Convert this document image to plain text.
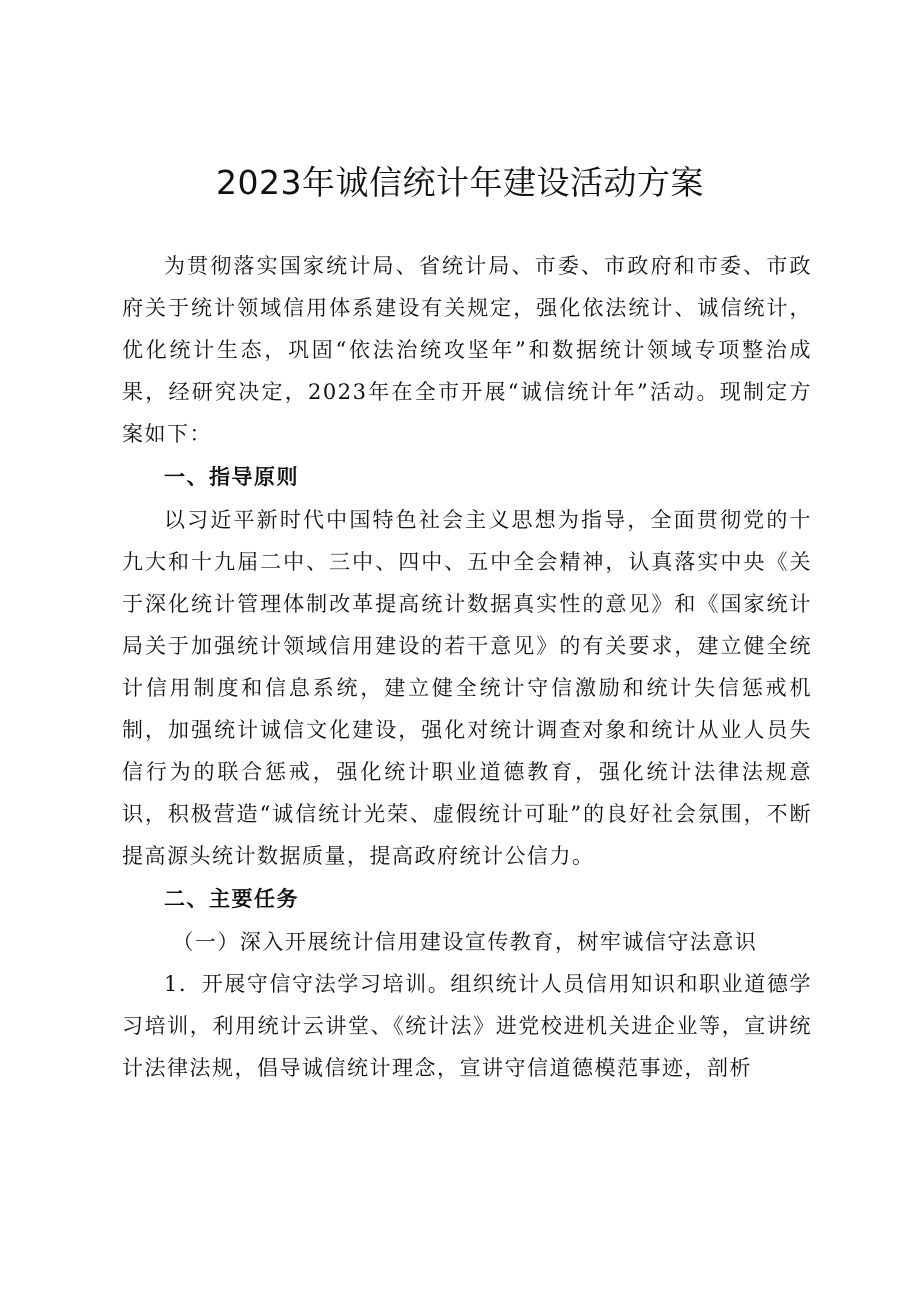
2023年诚信统计年建设活动方案

为贯彻落实国家统计局、省统计局、市委、市政府和市委、市政府关于统计领域信用体系建设有关规定，强化依法统计、诚信统计，优化统计生态，巩固“依法治统攻坚年”和数据统计领域专项整治成果，经研究决定，2023年在全市开展“诚信统计年”活动。现制定方案如下：

一、指导原则

以习近平新时代中国特色社会主义思想为指导，全面贯彻党的十九大和十九届二中、三中、四中、五中全会精神，认真落实中央《关于深化统计管理体制改革提高统计数据真实性的意见》和《国家统计局关于加强统计领域信用建设的若干意见》的有关要求，建立健全统计信用制度和信息系统，建立健全统计守信激励和统计失信惩戒机制，加强统计诚信文化建设，强化对统计调查对象和统计从业人员失信行为的联合惩戒，强化统计职业道德教育，强化统计法律法规意识，积极营造“诚信统计光荣、虚假统计可耻”的良好社会氛围，不断提高源头统计数据质量，提高政府统计公信力。

二、主要任务

（一）深入开展统计信用建设宣传教育，树牢诚信守法意识

1．开展守信守法学习培训。组织统计人员信用知识和职业道德学习培训，利用统计云讲堂、《统计法》进党校进机关进企业等，宣讲统计法律法规，倡导诚信统计理念，宣讲守信道德模范事迹，剖析
